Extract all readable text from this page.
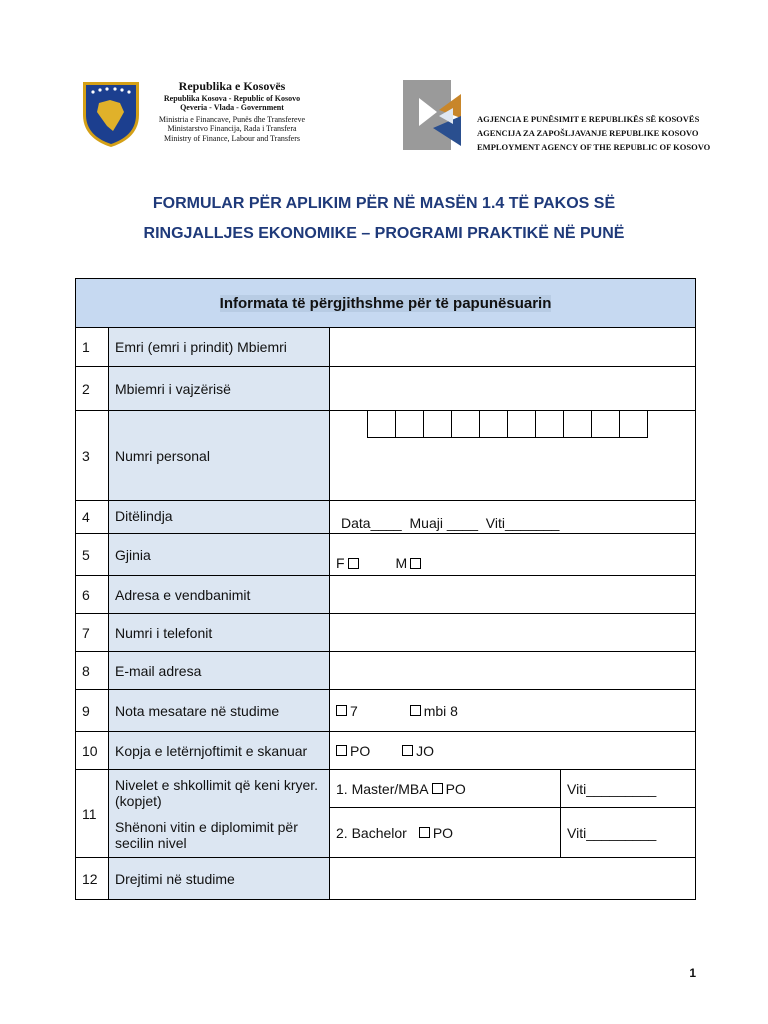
Republika e Kosovës
Republika Kosova - Republic of Kosovo
Qeveria - Vlada - Government
Ministria e Financave, Punës dhe Transfereve
Ministarstvo Financija, Rada i Transfera
Ministry of Finance, Labour and Transfers
AGJENCIA E PUNËSIMIT E REPUBLIKËS SË KOSOVËS
AGENCIJA ZA ZAPOŠLJAVANJE REPUBLIKE KOSOVO
EMPLOYMENT AGENCY OF THE REPUBLIC OF KOSOVO
FORMULAR PËR APLIKIM PËR NË MASËN 1.4 TË PAKOS SË
RINGJALLJES EKONOMIKE – PROGRAMI PRAKTIKË NË PUNË
Informata të përgjithshme për të papunësuarin			
1	Emri (emri i prindit) Mbiemri		
2	Mbiemri i vajzërisë		
3	Numri personal		

4	Ditëlindja	Data____  Muaji ____  Viti_______	
5	Gjinia	F M	
6	Adresa e vendbanimit		
7	Numri i telefonit		
8	E-mail adresa		
9	Nota mesatare në studime	7 mbi 8	
10	Kopja e letërnjoftimit e skanuar	PO JO	
11	Nivelet e shkollimit që keni kryer. (kopjet)
Shënoni vitin e diplomimit për secilin nivel	1. Master/MBA PO	Viti_________
		2. Bachelor PO	Viti_________
12	Drejtimi në studime		
1
